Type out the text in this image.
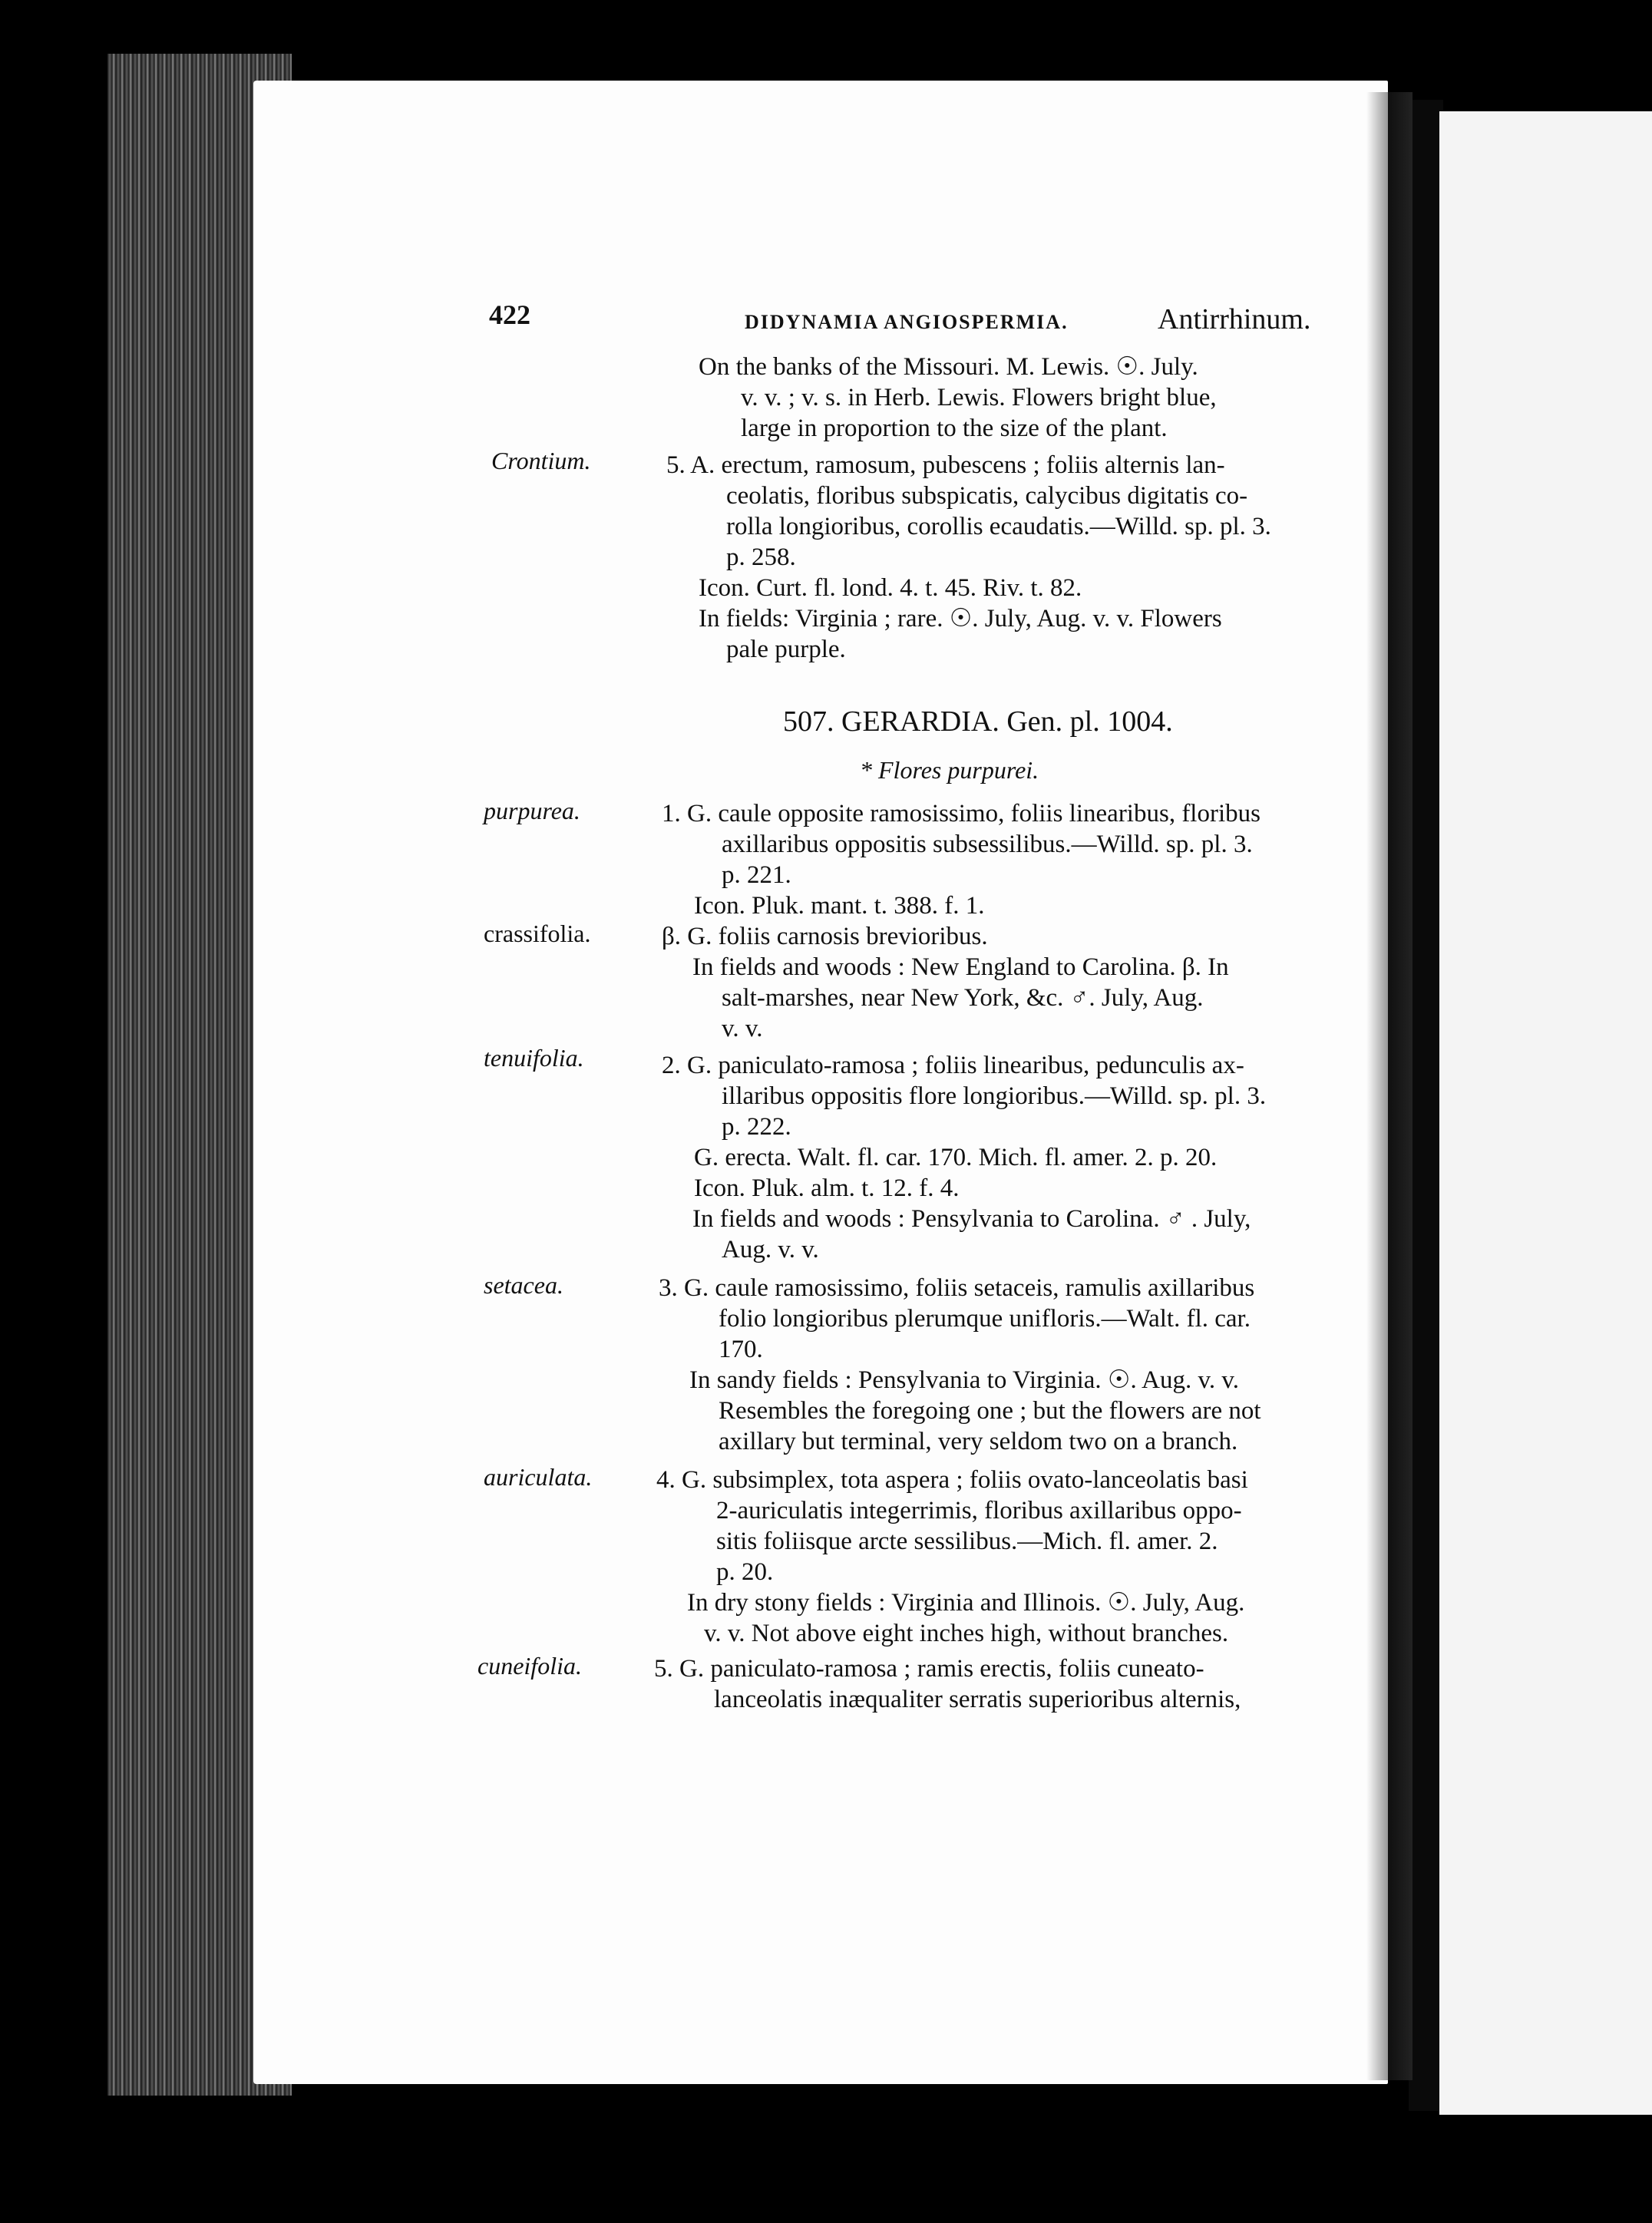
422	DIDYNAMIA ANGIOSPERMIA.	Antirrhinum.
On the banks of the Missouri. M. Lewis. ☉. July.
v. v. ; v. s. in Herb. Lewis. Flowers bright blue,
large in proportion to the size of the plant.
Crontium.	5. A. erectum, ramosum, pubescens ; foliis alternis lan-
ceolatis, floribus subspicatis, calycibus digitatis co-
rolla longioribus, corollis ecaudatis.—Willd. sp. pl. 3.
p. 258.
Icon. Curt. fl. lond. 4. t. 45. Riv. t. 82.
In fields: Virginia ; rare. ☉. July, Aug. v. v. Flowers
pale purple.
507. GERARDIA. Gen. pl. 1004.
* Flores purpurei.
purpurea.	1. G. caule opposite ramosissimo, foliis linearibus, floribus
axillaribus oppositis subsessilibus.—Willd. sp. pl. 3.
p. 221.
Icon. Pluk. mant. t. 388. f. 1.
crassifolia.	β. G. foliis carnosis brevioribus.
In fields and woods : New England to Carolina. β. In
salt-marshes, near New York, &c. ♂. July, Aug.
v. v.
tenuifolia.	2. G. paniculato-ramosa ; foliis linearibus, pedunculis ax-
illaribus oppositis flore longioribus.—Willd. sp. pl. 3.
p. 222.
G. erecta. Walt. fl. car. 170. Mich. fl. amer. 2. p. 20.
Icon. Pluk. alm. t. 12. f. 4.
In fields and woods : Pensylvania to Carolina. ♂ . July,
Aug. v. v.
setacea.	3. G. caule ramosissimo, foliis setaceis, ramulis axillaribus
folio longioribus plerumque unifloris.—Walt. fl. car.
170.
In sandy fields : Pensylvania to Virginia. ☉. Aug. v. v.
Resembles the foregoing one ; but the flowers are not
axillary but terminal, very seldom two on a branch.
auriculata.	4. G. subsimplex, tota aspera ; foliis ovato-lanceolatis basi
2-auriculatis integerrimis, floribus axillaribus oppo-
sitis foliisque arcte sessilibus.—Mich. fl. amer. 2.
p. 20.
In dry stony fields : Virginia and Illinois. ☉. July, Aug.
v. v. Not above eight inches high, without branches.
cuneifolia.	5. G. paniculato-ramosa ; ramis erectis, foliis cuneato-
lanceolatis inæqualiter serratis superioribus alternis,
